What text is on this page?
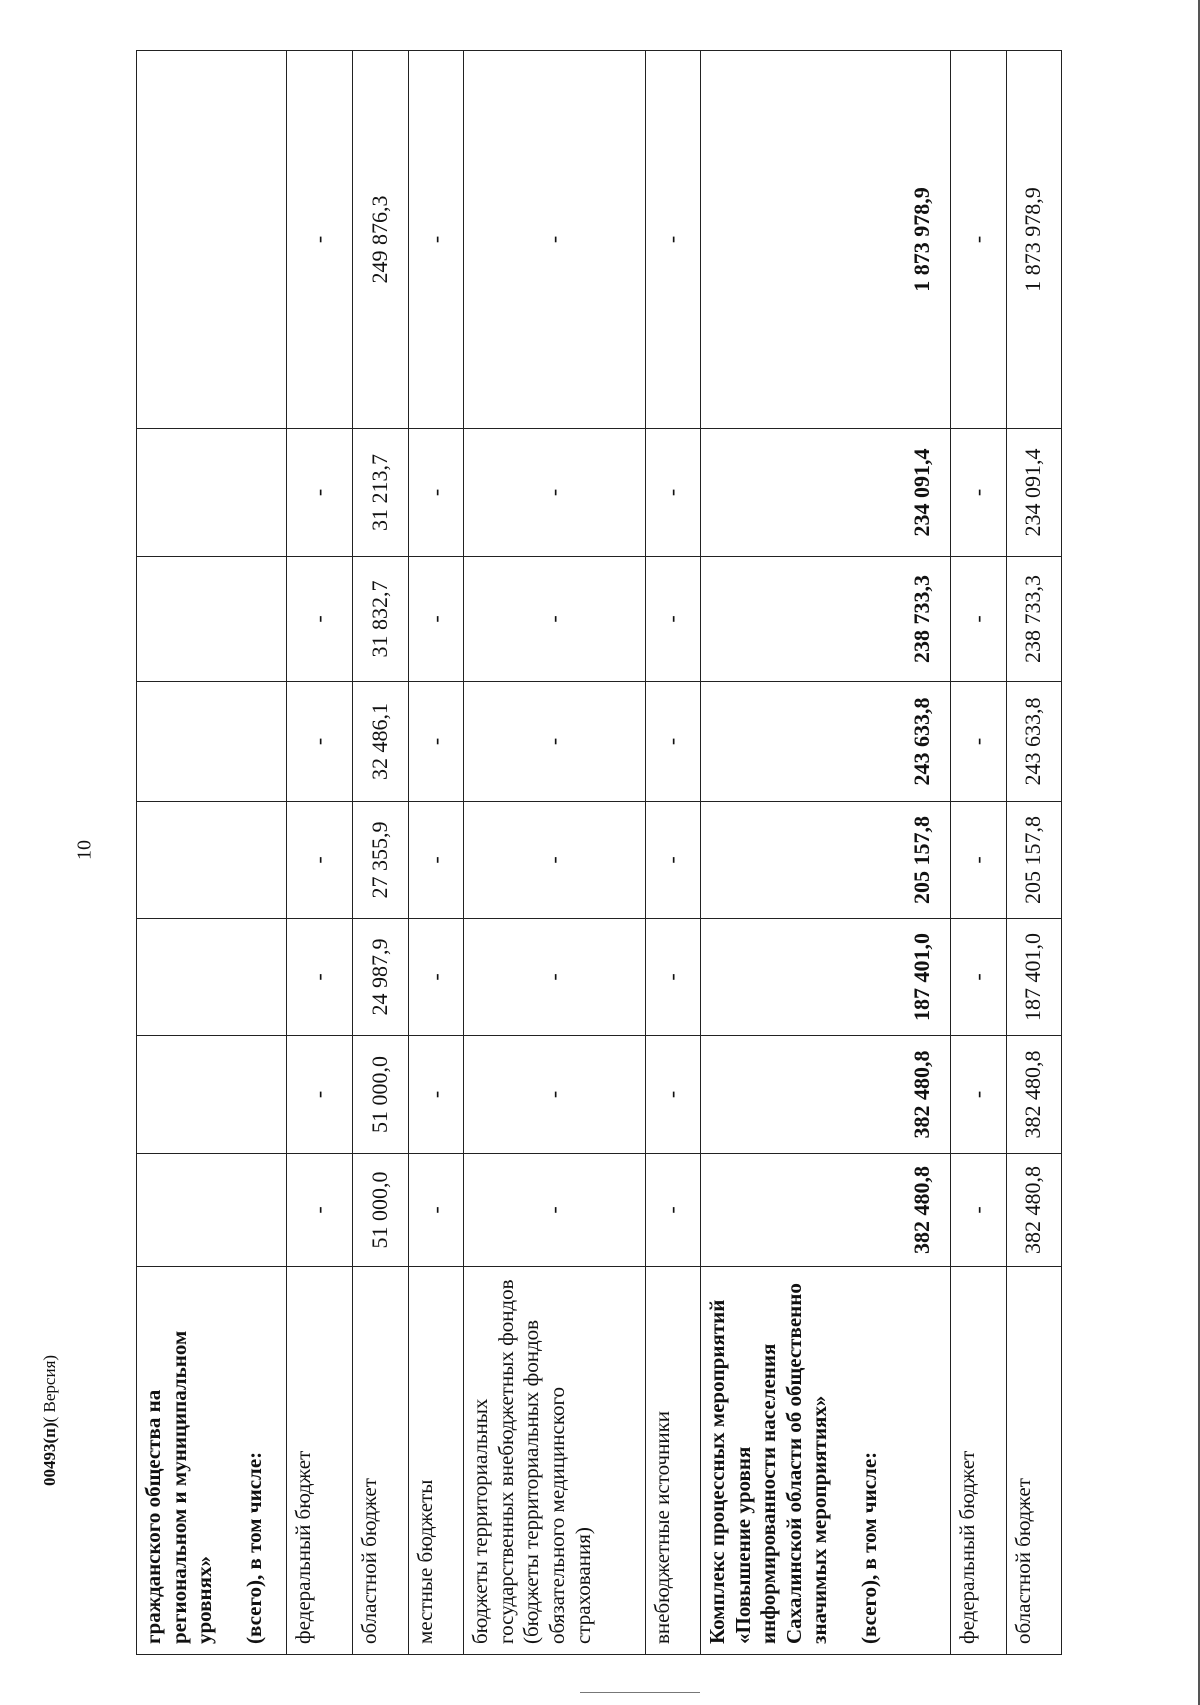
10
00493(п)( Версия)
гражданского общества на региональном и муниципальном уровнях» (всего), в том числе:								

федеральный бюджет	-	-	-	-	-	-	-	-
областной бюджет	51 000,0	51 000,0	24 987,9	27 355,9	32 486,1	31 832,7	31 213,7	249 876,3
местные бюджеты	-	-	-	-	-	-	-	-
бюджеты территориальных государственных внебюджетных фондов (бюджеты территориальных фондов обязательного медицинского страхования)	-	-	-	-	-	-	-	-
внебюджетные источники	-	-	-	-	-	-	-	-

Комплекс процессных мероприятий «Повышение уровня информированности населения Сахалинской области об общественно значимых мероприятиях» (всего), в том числе:	382 480,8	382 480,8	187 401,0	205 157,8	243 633,8	238 733,3	234 091,4	1 873 978,9
федеральный бюджет	-	-	-	-	-	-	-	-
областной бюджет	382 480,8	382 480,8	187 401,0	205 157,8	243 633,8	238 733,3	234 091,4	1 873 978,9
